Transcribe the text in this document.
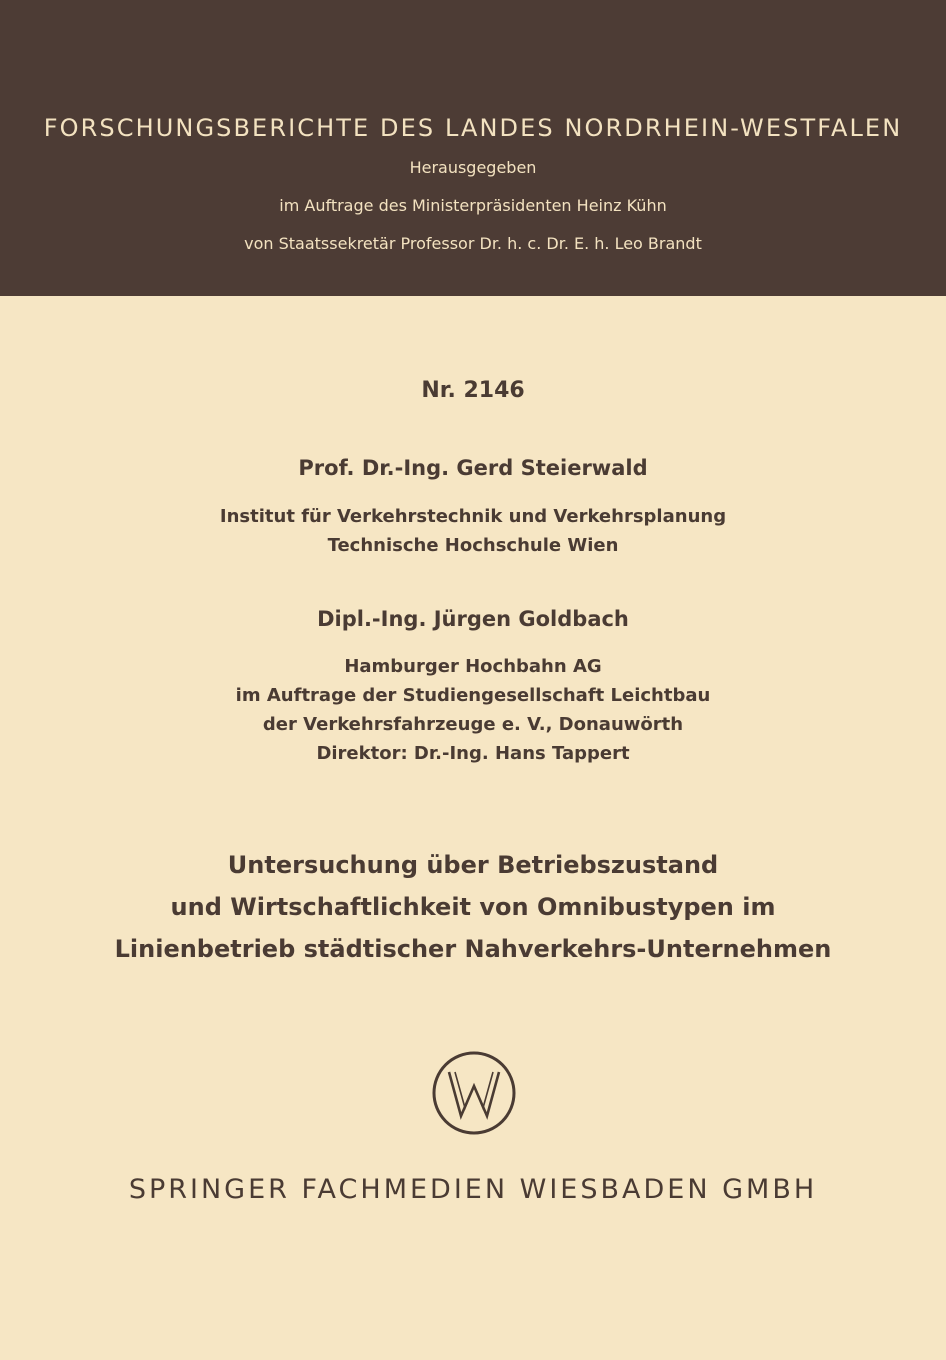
FORSCHUNGSBERICHTE DES LANDES NORDRHEIN-WESTFALEN
Herausgegeben
im Auftrage des Ministerpräsidenten Heinz Kühn
von Staatssekretär Professor Dr. h. c. Dr. E. h. Leo Brandt
Nr. 2146
Prof. Dr.-Ing. Gerd Steierwald
Institut für Verkehrstechnik und Verkehrsplanung
Technische Hochschule Wien
Dipl.-Ing. Jürgen Goldbach
Hamburger Hochbahn AG
im Auftrage der Studiengesellschaft Leichtbau
der Verkehrsfahrzeuge e. V., Donauwörth
Direktor: Dr.-Ing. Hans Tappert
Untersuchung über Betriebszustand
und Wirtschaftlichkeit von Omnibustypen im
Linienbetrieb städtischer Nahverkehrs-Unternehmen
SPRINGER FACHMEDIEN WIESBADEN GMBH
